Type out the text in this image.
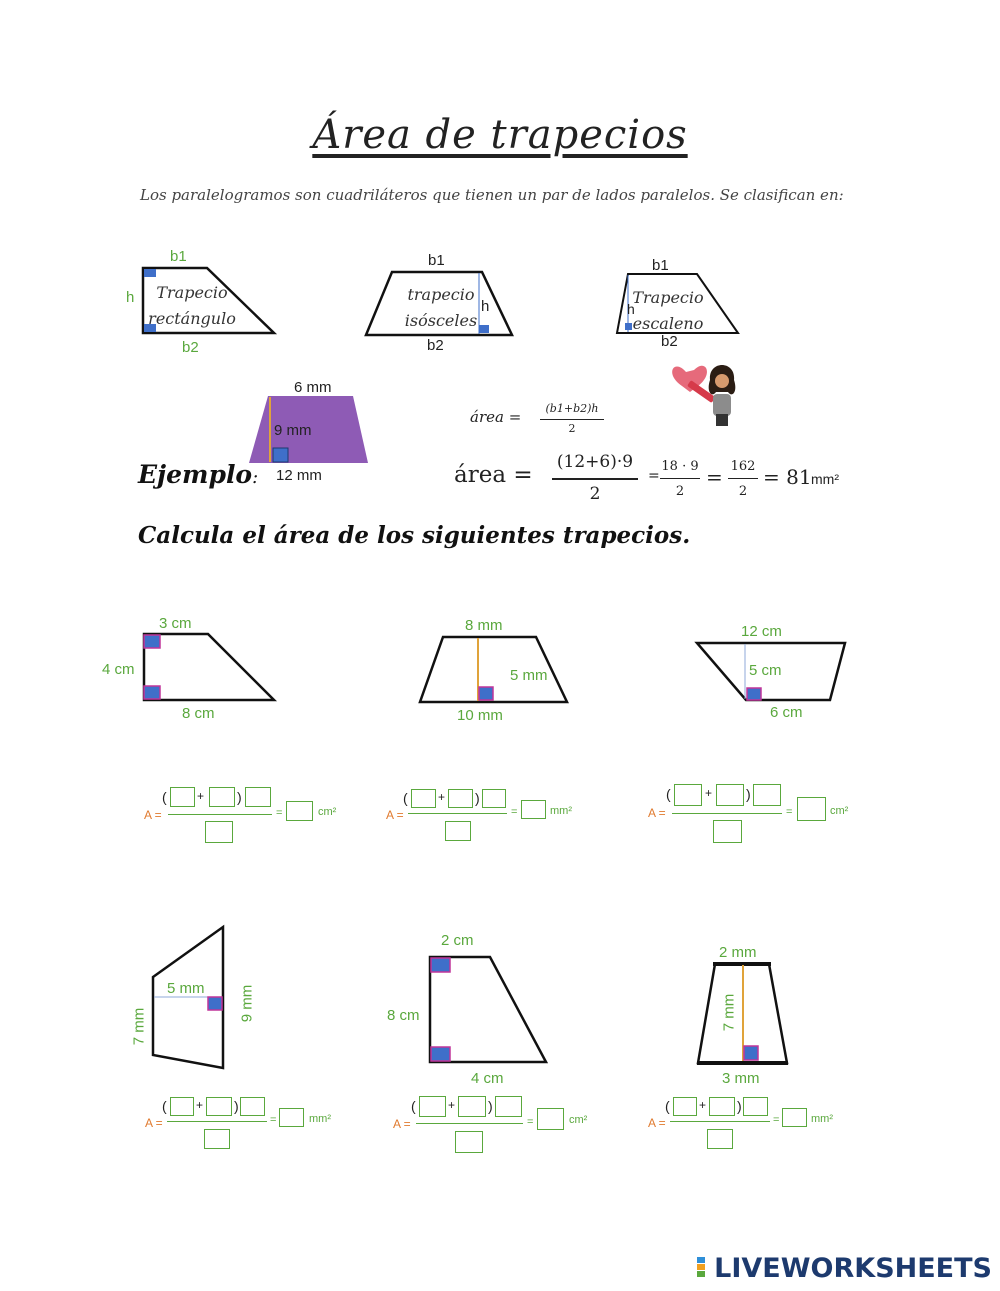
Área de trapecios
Los paralelogramos son cuadriláteros que tienen un par de lados paralelos. Se clasifican en:
b1
h
b2
Trapecio
rectángulo
b1
h
b2
trapecio
isósceles
b1
h
b2
Trapecio
escaleno
6 mm
9 mm
12 mm
Ejemplo:
área =	(b1+b2)h
2
área =	(12+6)·9
2
=
18 · 9
2
= 162
2
= 81 mm²
Calcula el área de los siguientes trapecios.
3 cm
4 cm
8 cm
8 mm
5 mm
10 mm
12 cm
5 cm
6 cm
A =
(	+ )
=	cm²	A =
(	+ )
=	mm²	A =
(	+ )
=	cm²
5 mm
7 mm
9 mm
2 cm
8 cm
4 cm
2 mm
7 mm
3 mm
A =
( + )
=	mm²	A =
(	+ )
=	cm²	A =
( + )
=	mm²
LIVEWORKSHEETS
